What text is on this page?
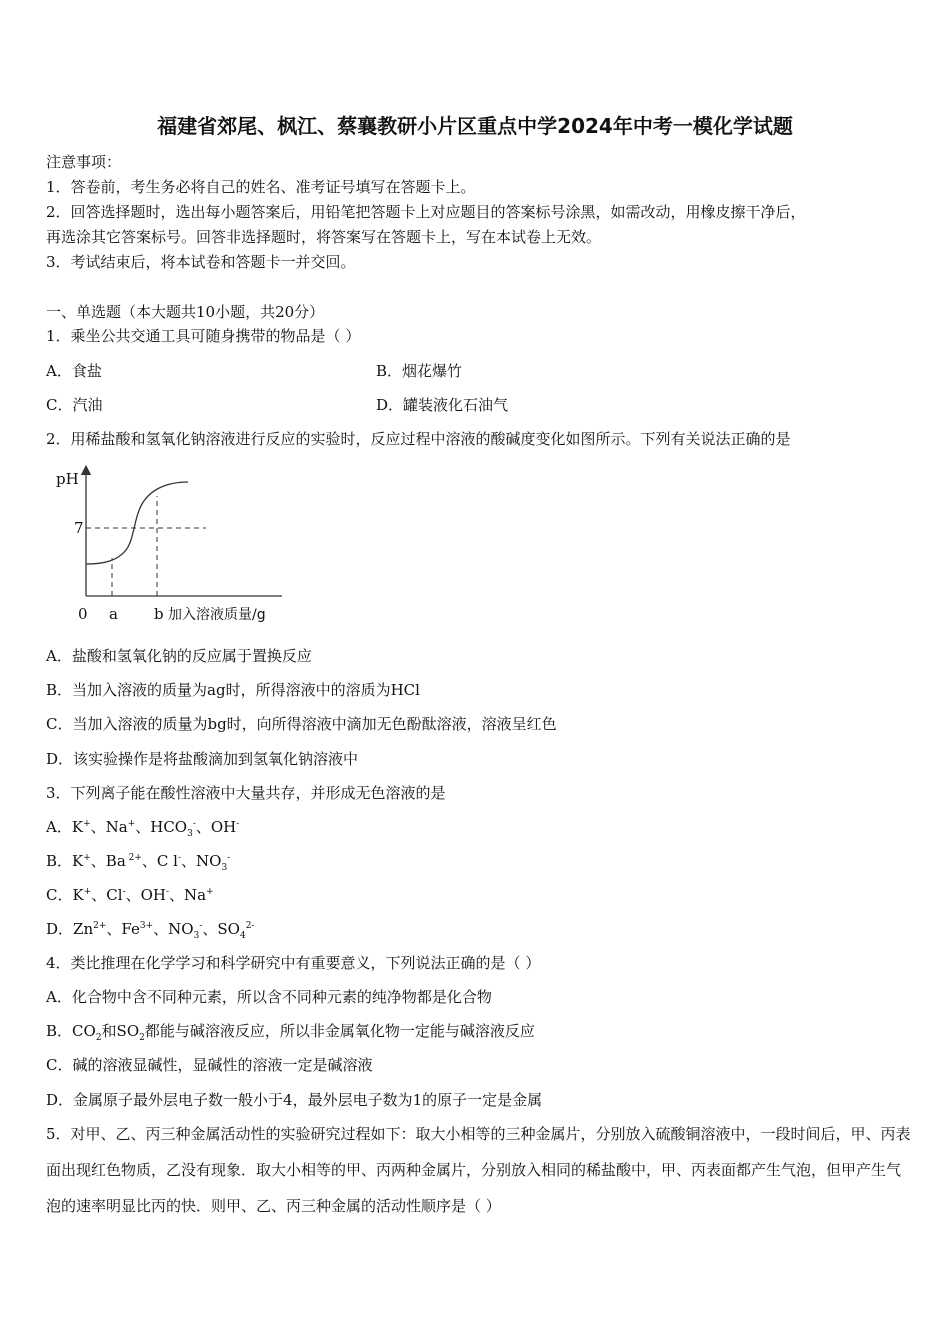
福建省郊尾、枫江、蔡襄教研小片区重点中学2024年中考一模化学试题
注意事项：
1．答卷前，考生务必将自己的姓名、准考证号填写在答题卡上。
2．回答选择题时，选出每小题答案后，用铅笔把答题卡上对应题目的答案标号涂黑，如需改动，用橡皮擦干净后，
再选涂其它答案标号。回答非选择题时，将答案写在答题卡上，写在本试卷上无效。
3．考试结束后，将本试卷和答题卡一并交回。
一、单选题（本大题共10小题，共20分）
1．乘坐公共交通工具可随身携带的物品是（ ）
A．食盐	B．烟花爆竹
C．汽油	D．罐装液化石油气
2．用稀盐酸和氢氧化钠溶液进行反应的实验时，反应过程中溶液的酸碱度变化如图所示。下列有关说法正确的是
pH
7
0 a b 加入溶液质量/g
A．盐酸和氢氧化钠的反应属于置换反应
B．当加入溶液的质量为ag时，所得溶液中的溶质为HCl
C．当加入溶液的质量为bg时，向所得溶液中滴加无色酚酞溶液，溶液呈红色
D．该实验操作是将盐酸滴加到氢氧化钠溶液中
3．下列离子能在酸性溶液中大量共存，并形成无色溶液的是
A．K+、Na+、$HCO_3^-$、OH-
B．K+、Ba $^{2+}$、C l-、$NO_3^-$
C．K+、Cl-、OH-、Na+
D．$Zn^{2+}$、$Fe^{3+}$、$NO_3^-$、$SO_4^{2-}$
4．类比推理在化学学习和科学研究中有重要意义，下列说法正确的是（ ）
A．化合物中含不同种元素，所以含不同种元素的纯净物都是化合物
B．$CO_2$和$SO_2$都能与碱溶液反应，所以非金属氧化物一定能与碱溶液反应
C．碱的溶液显碱性，显碱性的溶液一定是碱溶液
D．金属原子最外层电子数一般小于4，最外层电子数为1的原子一定是金属
5．对甲、乙、丙三种金属活动性的实验研究过程如下：取大小相等的三种金属片，分别放入硫酸铜溶液中，一段时间后，甲、丙表面出现红色物质，乙没有现象．取大小相等的甲、丙两种金属片，分别放入相同的稀盐酸中，甲、丙表面都产生气泡，但甲产生气泡的速率明显比丙的快．则甲、乙、丙三种金属的活动性顺序是（ ）
